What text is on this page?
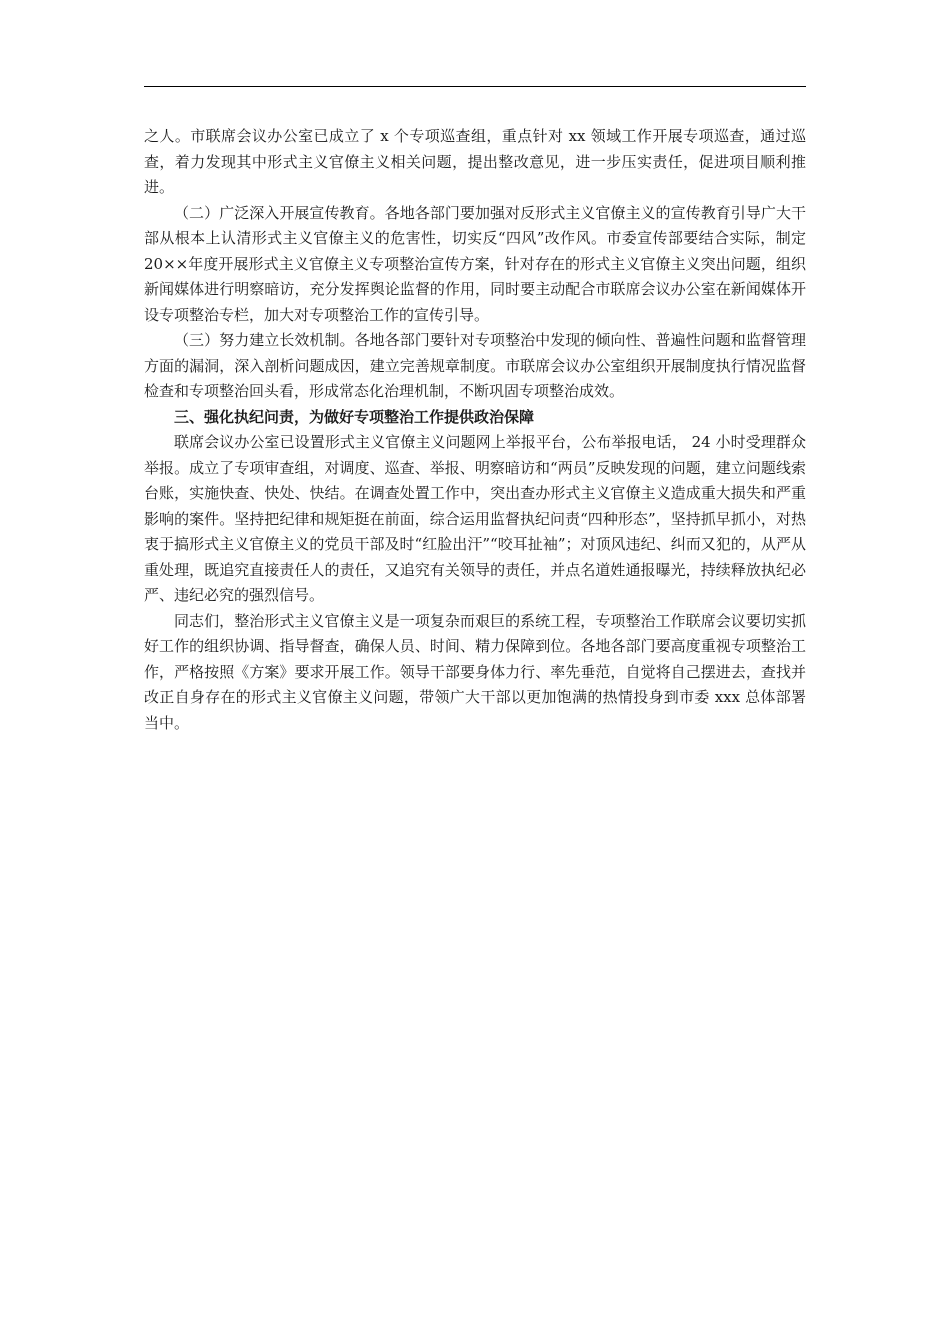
之人。市联席会议办公室已成立了 x 个专项巡查组，重点针对 xx 领域工作开展专项巡查，通过巡查，着力发现其中形式主义官僚主义相关问题，提出整改意见，进一步压实责任，促进项目顺利推进。

（二）广泛深入开展宣传教育。各地各部门要加强对反形式主义官僚主义的宣传教育引导广大干部从根本上认清形式主义官僚主义的危害性，切实反“四风”改作风。市委宣传部要结合实际，制定 20××年度开展形式主义官僚主义专项整治宣传方案，针对存在的形式主义官僚主义突出问题，组织新闻媒体进行明察暗访，充分发挥舆论监督的作用，同时要主动配合市联席会议办公室在新闻媒体开设专项整治专栏，加大对专项整治工作的宣传引导。

（三）努力建立长效机制。各地各部门要针对专项整治中发现的倾向性、普遍性问题和监督管理方面的漏洞，深入剖析问题成因，建立完善规章制度。市联席会议办公室组织开展制度执行情况监督检查和专项整治回头看，形成常态化治理机制，不断巩固专项整治成效。

三、强化执纪问责，为做好专项整治工作提供政治保障

联席会议办公室已设置形式主义官僚主义问题网上举报平台，公布举报电话， 24 小时受理群众举报。成立了专项审查组，对调度、巡查、举报、明察暗访和“两员”反映发现的问题，建立问题线索台账，实施快查、快处、快结。在调查处置工作中，突出查办形式主义官僚主义造成重大损失和严重影响的案件。坚持把纪律和规矩挺在前面，综合运用监督执纪问责“四种形态”，坚持抓早抓小，对热衷于搞形式主义官僚主义的党员干部及时“红脸出汗”“咬耳扯袖”；对顶风违纪、纠而又犯的，从严从重处理，既追究直接责任人的责任，又追究有关领导的责任，并点名道姓通报曝光，持续释放执纪必严、违纪必究的强烈信号。

同志们，整治形式主义官僚主义是一项复杂而艰巨的系统工程，专项整治工作联席会议要切实抓好工作的组织协调、指导督查，确保人员、时间、精力保障到位。各地各部门要高度重视专项整治工作，严格按照《方案》要求开展工作。领导干部要身体力行、率先垂范，自觉将自己摆进去，查找并改正自身存在的形式主义官僚主义问题，带领广大干部以更加饱满的热情投身到市委 xxx 总体部署当中。
